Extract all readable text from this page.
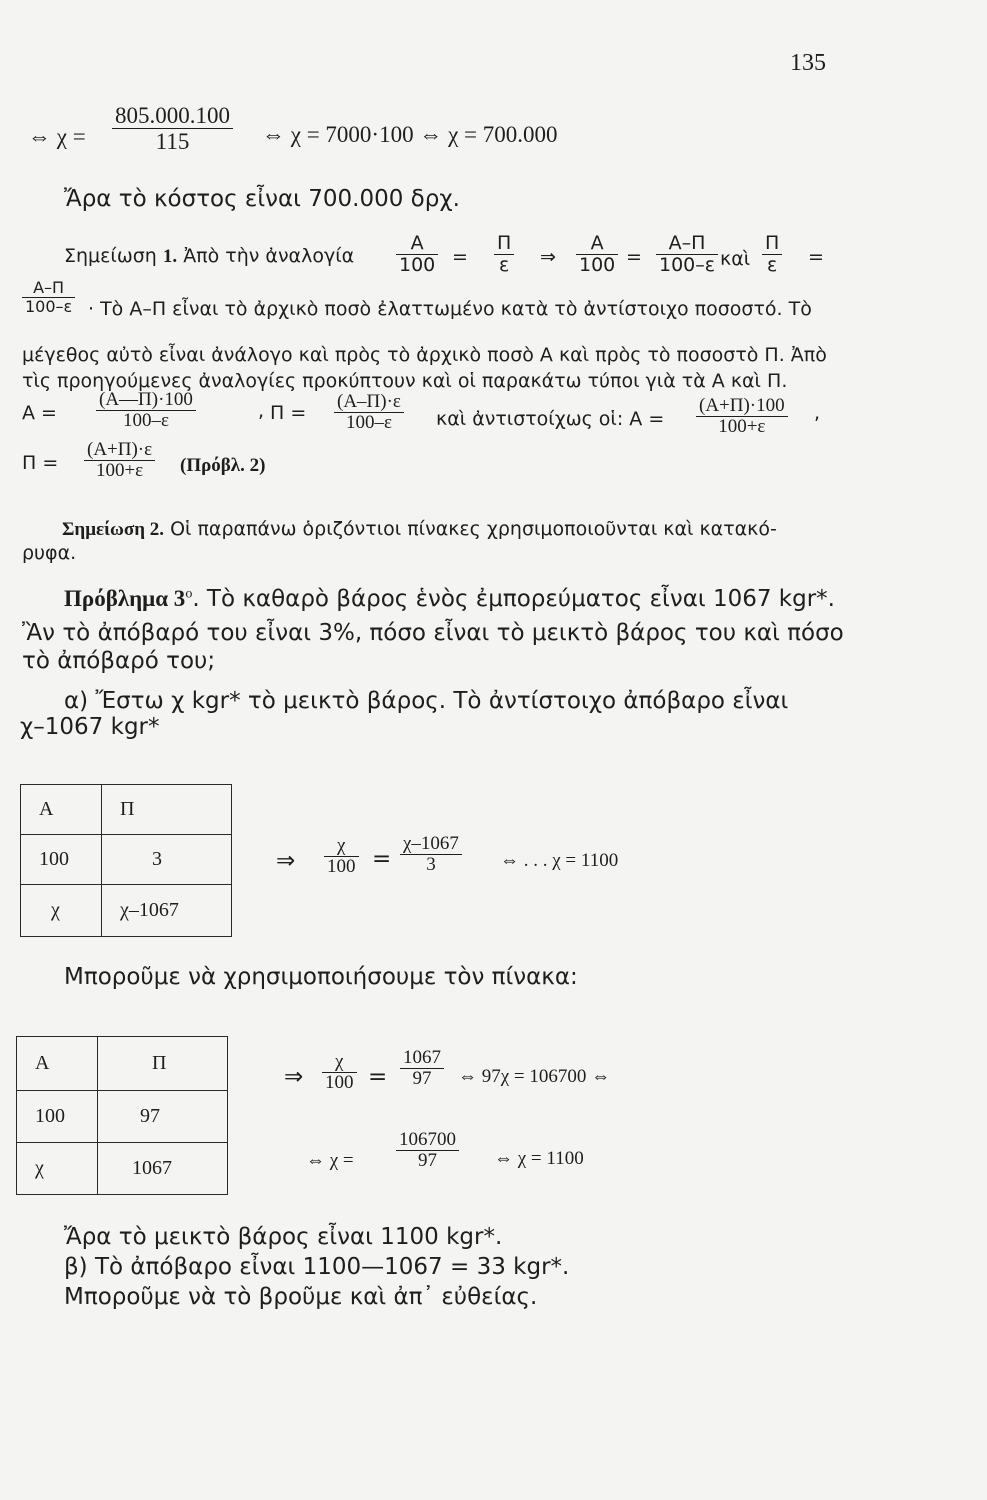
135
⇔ $\chi = \frac{805.000.100}{115}$ ⇔ χ = 7000·100 ⇔ χ = 700.000
Ἄρα τὸ κόστος εἶναι 700.000 δρχ.
Σημείωση 1. Ἀπὸ τὴν ἀναλογία $\frac{A}{100} = \frac{\Pi}{\varepsilon}$ ⇒ $\frac{A}{100} = \frac{A-\Pi}{100-\varepsilon}$ καὶ $\frac{\Pi}{\varepsilon}$ =
$\frac{A-\Pi}{100-\varepsilon}$ · Τὸ Α–Π εἶναι τὸ ἀρχικὸ ποσὸ ἐλαττωμένο κατὰ τὸ ἀντίστοιχο ποσοστό. Τὸ
μέγεθος αὐτὸ εἶναι ἀνάλογο καὶ πρὸς τὸ ἀρχικὸ ποσὸ Α καὶ πρὸς τὸ ποσοστὸ Π. Ἀπὸ
τὶς προηγούμενες ἀναλογίες προκύπτουν καὶ οἱ παρακάτω τύποι γιὰ τὰ Α καὶ Π.
$A = \frac{(A—\Pi)\cdot 100}{100-\varepsilon}$	, $\Pi = \frac{(A-\Pi)\cdot\varepsilon}{100-\varepsilon}$ καὶ ἀντιστοίχως οἱ: $A = \frac{(A+\Pi)\cdot 100}{100+\varepsilon}$ ,
$\Pi = \frac{(A+\Pi)\cdot\varepsilon}{100+\varepsilon} (\Pi\rho ό\beta\lambda$. 2)
Σημείωση 2. Οἱ παραπάνω ὁριζόντιοι πίνακες χρησιμοποιοῦνται καὶ κατακό-
ρυφα.
Πρόβλημα $3^o$. Τὸ καθαρὸ βάρος ἑνὸς ἐμπορεύματος εἶναι 1067 kgr*.
Ἂν τὸ ἀπόβαρό του εἶναι 3%, πόσο εἶναι τὸ μεικτὸ βάρος του καὶ πόσο
τὸ ἀπόβαρό του;
α) Ἔστω χ kgr* τὸ μεικτὸ βάρος. Τὸ ἀντίστοιχο ἀπόβαρο εἶναι
χ–1067 kgr*
Α	Π
100	3
χ	χ–1067
⇒ $\frac{\chi}{100} = \frac{\chi-1067}{3}$ ⇔ . . . χ = 1100
Μποροῦμε νὰ χρησιμοποιήσουμε τὸν πίνακα:
Α	Π
100	97
χ	1067
⇒ $\frac{\chi}{100} = \frac{1067}{97}$ ⇔ 97χ = 106700 ⇔
⇔ $\chi = \frac{106700}{97}$ ⇔ χ = 1100
Ἄρα τὸ μεικτὸ βάρος εἶναι 1100 kgr*.
β) Τὸ ἀπόβαρο εἶναι 1100—1067 = 33 kgr*.
Μποροῦμε νὰ τὸ βροῦμε καὶ ἀπ᾽ εὐθείας.
